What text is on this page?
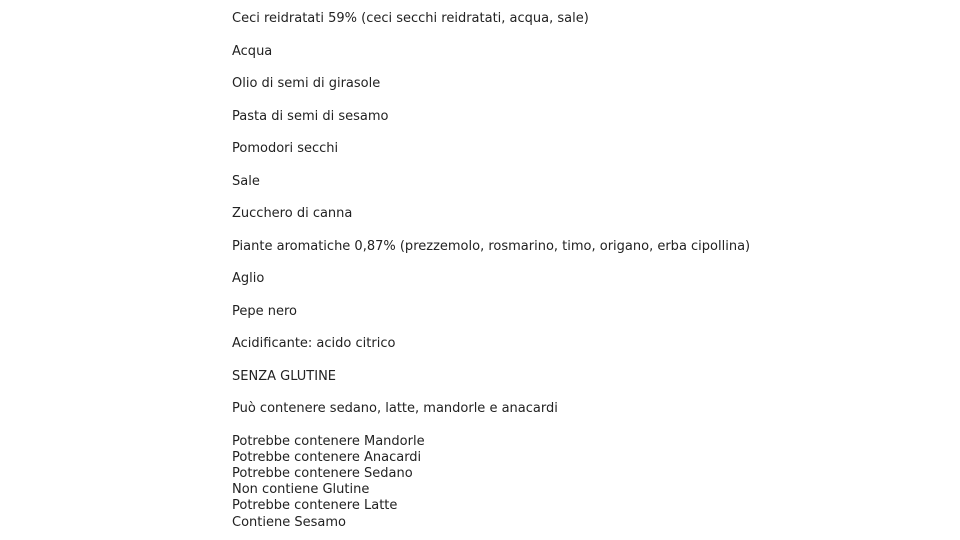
Ceci reidratati 59% (ceci secchi reidratati, acqua, sale)

Acqua

Olio di semi di girasole

Pasta di semi di sesamo

Pomodori secchi

Sale

Zucchero di canna

Piante aromatiche 0,87% (prezzemolo, rosmarino, timo, origano, erba cipollina)

Aglio

Pepe nero

Acidificante: acido citrico

SENZA GLUTINE

Può contenere sedano, latte, mandorle e anacardi

Potrebbe contenere Mandorle
Potrebbe contenere Anacardi
Potrebbe contenere Sedano
Non contiene Glutine
Potrebbe contenere Latte
Contiene Sesamo
